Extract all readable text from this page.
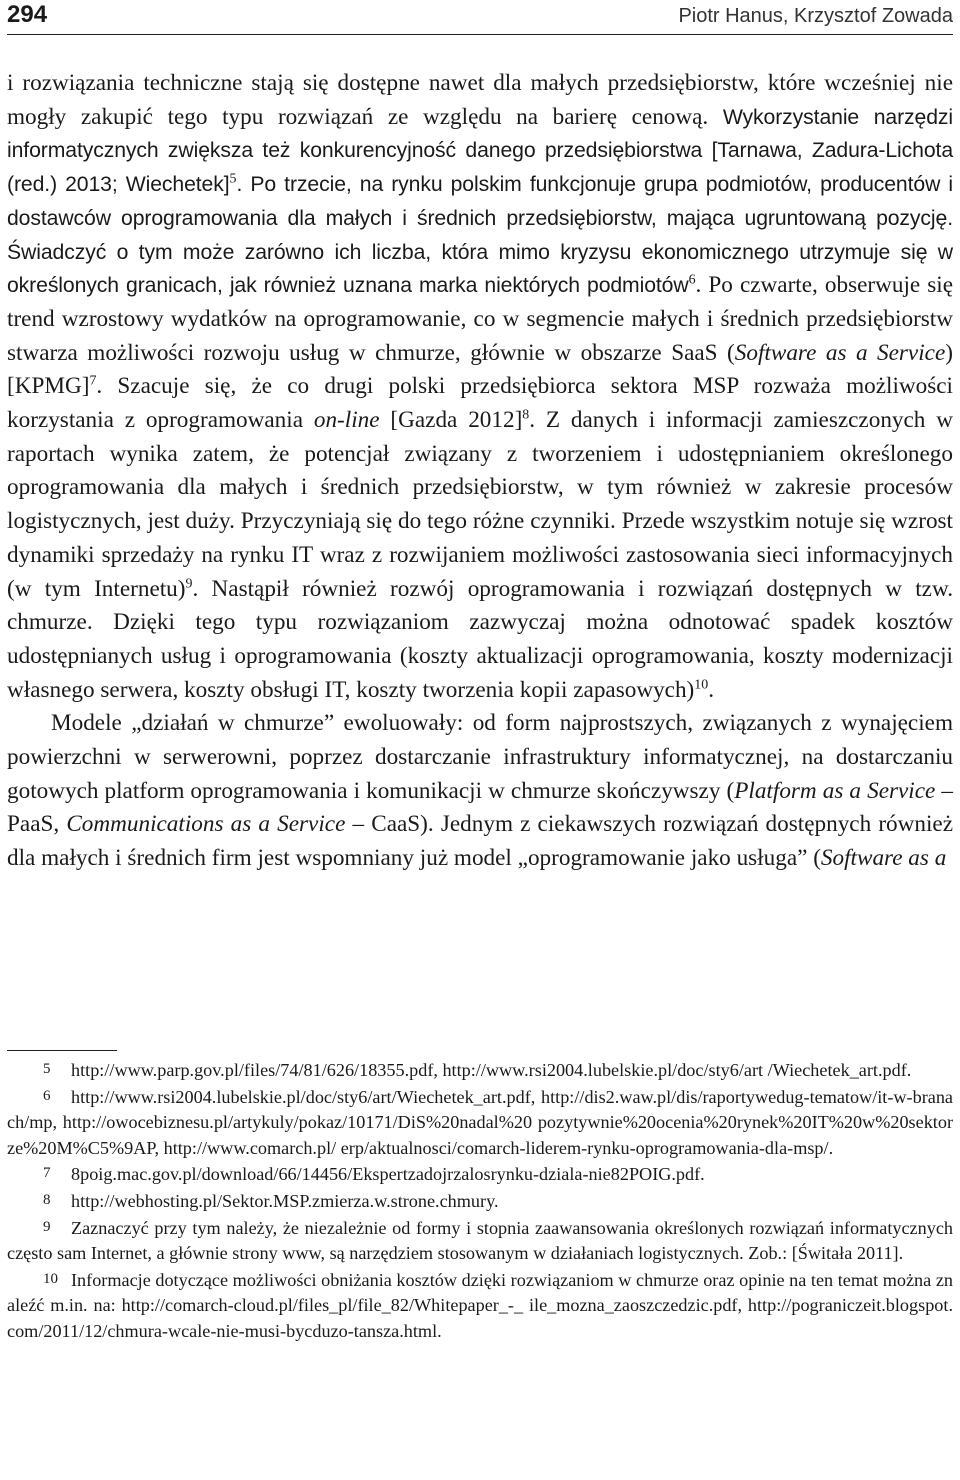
294	Piotr Hanus, Krzysztof Zowada

i rozwiązania techniczne stają się dostępne nawet dla małych przedsiębiorstw, które wcześniej nie mogły zakupić tego typu rozwiązań ze względu na barierę cenową. Wykorzystanie narzędzi informatycznych zwiększa też konkurencyjność danego przedsiębiorstwa [Tarnawa, Zadura-Lichota (red.) 2013; Wiechetek]$^5$. Po trzecie, na rynku polskim funkcjonuje grupa podmiotów, producentów i dostawców oprogramowania dla małych i średnich przedsiębiorstw, mająca ugruntowaną pozycję. Świadczyć o tym może zarówno ich liczba, która mimo kryzysu ekonomicznego utrzymuje się w określonych granicach, jak również uznana marka niektórych podmiotów$^6$. Po czwarte, obserwuje się trend wzrostowy wydatków na oprogramowanie, co w segmencie małych i średnich przedsiębiorstw stwarza możliwości rozwoju usług w chmurze, głównie w obszarze SaaS (Software as a Service) [KPMG]$^7$. Szacuje się, że co drugi polski przedsiębiorca sektora MSP rozważa możliwości korzystania z oprogramowania on-line [Gazda 2012]$^8$. Z danych i informacji zamieszczonych w raportach wynika zatem, że potencjał związany z tworzeniem i udostępnianiem określonego oprogramowania dla małych i średnich przedsiębiorstw, w tym również w zakresie procesów logistycznych, jest duży. Przyczyniają się do tego różne czynniki. Przede wszystkim notuje się wzrost dynamiki sprzedaży na rynku IT wraz z rozwijaniem możliwości zastosowania sieci informacyjnych (w tym Internetu)$^9$. Nastąpił również rozwój oprogramowania i rozwiązań dostępnych w tzw. chmurze. Dzięki tego typu rozwiązaniom zazwyczaj można odnotować spadek kosztów udostępnianych usług i oprogramowania (koszty aktualizacji oprogramowania, koszty modernizacji własnego serwera, koszty obsługi IT, koszty tworzenia kopii zapasowych)$^{10}$.

Modele „działań w chmurze” ewoluowały: od form najprostszych, związanych z wynajęciem powierzchni w serwerowni, poprzez dostarczanie infrastruktury informatycznej, na dostarczaniu gotowych platform oprogramowania i komunikacji w chmurze skończywszy (Platform as a Service – PaaS, Communications as a Service – CaaS). Jednym z ciekawszych rozwiązań dostępnych również dla małych i średnich firm jest wspomniany już model „oprogramowanie jako usługa” (Software as a

5 http://www.parp.gov.pl/files/74/81/626/18355.pdf, http://www.rsi2004.lubelskie.pl/doc/sty6/art /Wiechetek_art.pdf.

6 http://www.rsi2004.lubelskie.pl/doc/sty6/art/Wiechetek_art.pdf, http://dis2.waw.pl/dis/raportywedug-tematow/it-w-branach/mp, http://owocebiznesu.pl/artykuly/pokaz/10171/DiS%20nadal%20 pozytywnie%20ocenia%20rynek%20IT%20w%20sektorze%20M%C5%9AP, http://www.comarch.pl/ erp/aktualnosci/comarch-liderem-rynku-oprogramowania-dla-msp/.

7 8poig.mac.gov.pl/download/66/14456/Ekspertzadojrzalosrynku-dziala-nie82POIG.pdf.

8 http://webhosting.pl/Sektor.MSP.zmierza.w.strone.chmury.

9 Zaznaczyć przy tym należy, że niezależnie od formy i stopnia zaawansowania określonych rozwiązań informatycznych często sam Internet, a głównie strony www, są narzędziem stosowanym w działaniach logistycznych. Zob.: [Świtała 2011].

10 Informacje dotyczące możliwości obniżania kosztów dzięki rozwiązaniom w chmurze oraz opinie na ten temat można znaleźć m.in. na: http://comarch-cloud.pl/files_pl/file_82/Whitepaper_-_ ile_mozna_zaoszczedzic.pdf, http://pograniczeit.blogspot.com/2011/12/chmura-wcale-nie-musi-bycduzo-tansza.html.
